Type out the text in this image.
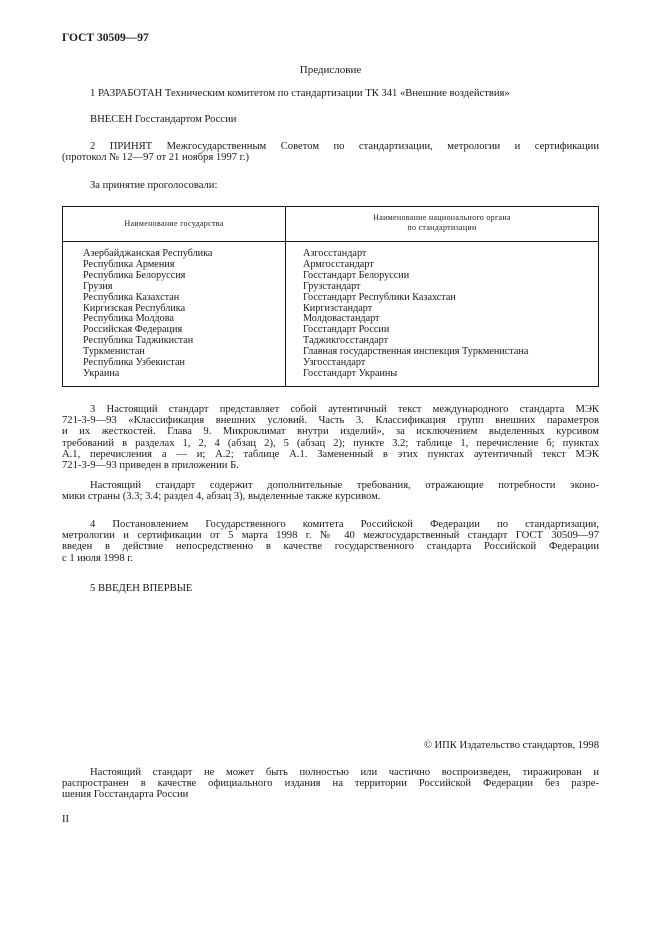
ГОСТ 30509—97
Предисловие
1 РАЗРАБОТАН Техническим комитетом по стандартизации ТК 341 «Внешние воздействия»
ВНЕСЕН Госстандартом России
2 ПРИНЯТ Межгосударственным Советом по стандартизации, метрологии и сертификации
(протокол № 12—97 от 21 ноября 1997 г.)
За принятие проголосовали:
Наименование государства
Наименование национального органа
по стандартизации
Азербайджанская Республика
Республика Армения
Республика Белоруссия
Грузия
Республика Казахстан
Киргизская Республика
Республика Молдова
Российская Федерация
Республика Таджикистан
Туркменистан
Республика Узбекистан
Украина
Азгосстандарт
Армгосстандарт
Госстандарт Белоруссии
Грузстандарт
Госстандарт Республики Казахстан
Киргизстандарт
Молдовастандарт
Госстандарт России
Таджикгосстандарт
Главная государственная инспекция Туркменистана
Узгосстандарт
Госстандарт Украины
3 Настоящий стандарт представляет собой аутентичный текст международного стандарта МЭК
721-3-9—93 «Классификация внешних условий. Часть 3. Классификация групп внешних параметров
и их жесткостей. Глава 9. Микроклимат внутри изделий», за исключением выделенных курсивом
требований в разделах 1, 2, 4 (абзац 2), 5 (абзац 2); пункте 3.2; таблице 1, перечисление б; пунктах
А.1, перечисления а — и; А.2; таблице А.1. Замененный в этих пунктах аутентичный текст МЭК
721-3-9—93 приведен в приложении Б.
Настоящий стандарт содержит дополнительные требования, отражающие потребности эконо-
мики страны (3.3; 3.4; раздел 4, абзац 3), выделенные также курсивом.
4 Постановлением Государственного комитета Российской Федерации по стандартизации,
метрологии и сертификации от 5 марта 1998 г. № 40 межгосударственный стандарт ГОСТ 30509—97
введен в действие непосредственно в качестве государственного стандарта Российской Федерации
с 1 июля 1998 г.
5 ВВЕДЕН ВПЕРВЫЕ
© ИПК Издательство стандартов, 1998
Настоящий стандарт не может быть полностью или частично воспроизведен, тиражирован и
распространен в качестве официального издания на территории Российской Федерации без разре-
шения Госстандарта России
II
